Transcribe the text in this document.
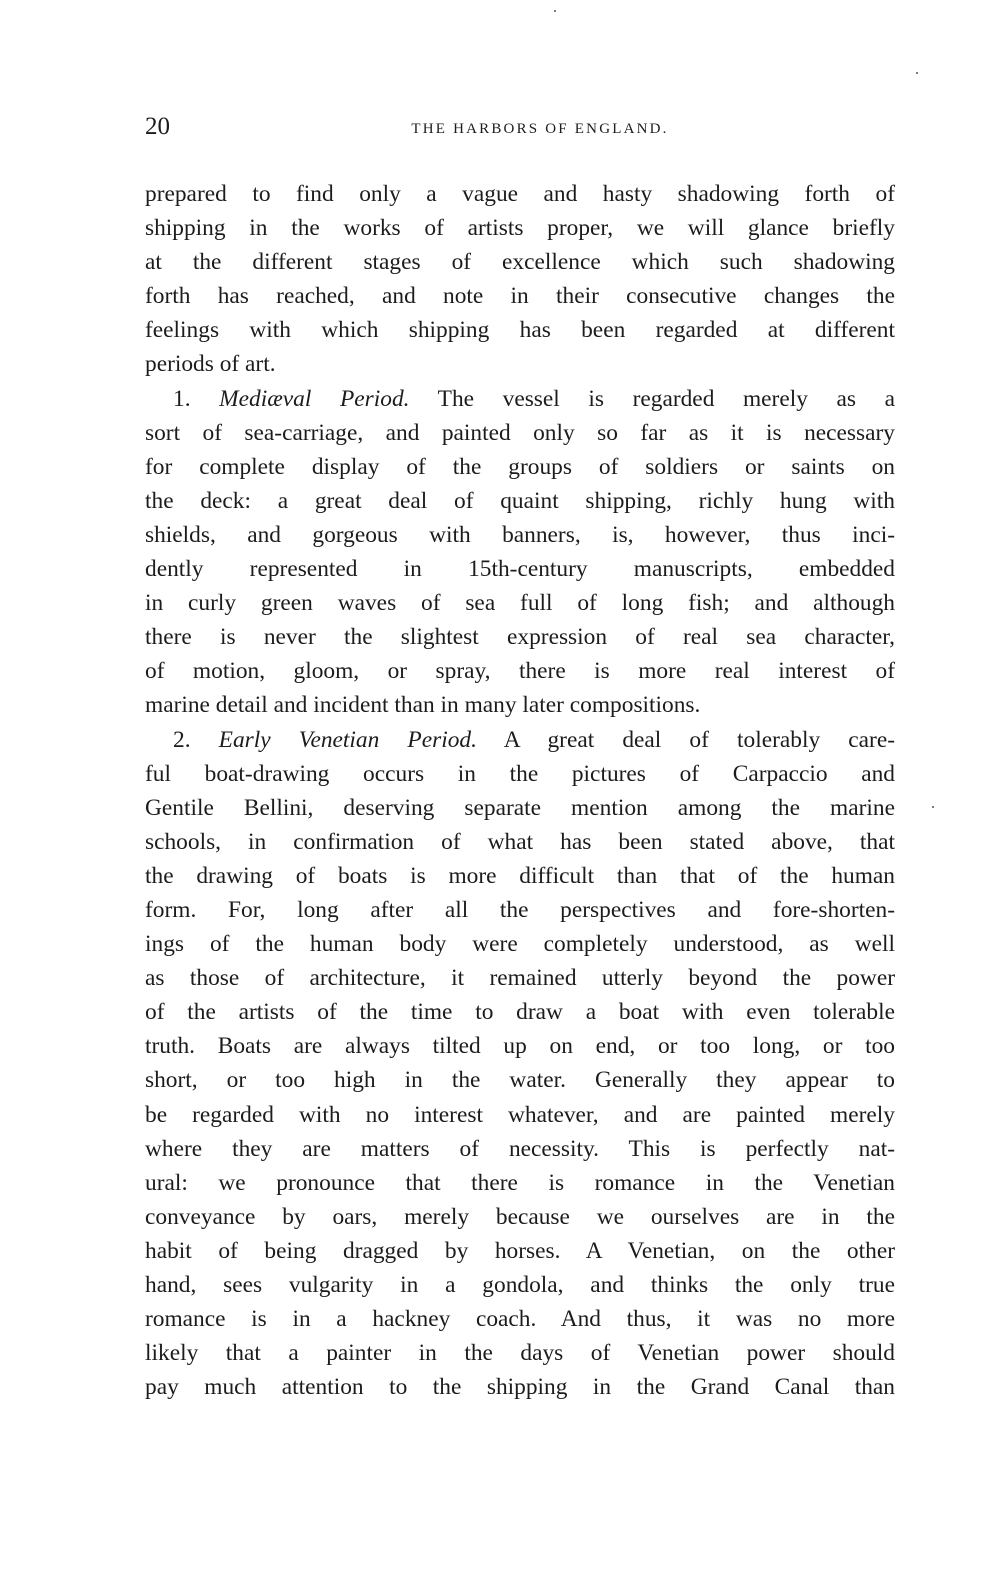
20	THE HARBORS OF ENGLAND.
prepared to find only a vague and hasty shadowing forth of
shipping in the works of artists proper, we will glance briefly
at the different stages of excellence which such shadowing
forth has reached, and note in their consecutive changes the
feelings with which shipping has been regarded at different
periods of art.
1. Mediæval Period. The vessel is regarded merely as a
sort of sea-carriage, and painted only so far as it is necessary
for complete display of the groups of soldiers or saints on
the deck: a great deal of quaint shipping, richly hung with
shields, and gorgeous with banners, is, however, thus inci-
dently represented in 15th-century manuscripts, embedded
in curly green waves of sea full of long fish; and although
there is never the slightest expression of real sea character,
of motion, gloom, or spray, there is more real interest of
marine detail and incident than in many later compositions.
2. Early Venetian Period. A great deal of tolerably care-
ful boat-drawing occurs in the pictures of Carpaccio and
Gentile Bellini, deserving separate mention among the marine
schools, in confirmation of what has been stated above, that
the drawing of boats is more difficult than that of the human
form. For, long after all the perspectives and fore-shorten-
ings of the human body were completely understood, as well
as those of architecture, it remained utterly beyond the power
of the artists of the time to draw a boat with even tolerable
truth. Boats are always tilted up on end, or too long, or too
short, or too high in the water. Generally they appear to
be regarded with no interest whatever, and are painted merely
where they are matters of necessity. This is perfectly nat-
ural: we pronounce that there is romance in the Venetian
conveyance by oars, merely because we ourselves are in the
habit of being dragged by horses. A Venetian, on the other
hand, sees vulgarity in a gondola, and thinks the only true
romance is in a hackney coach. And thus, it was no more
likely that a painter in the days of Venetian power should
pay much attention to the shipping in the Grand Canal than
